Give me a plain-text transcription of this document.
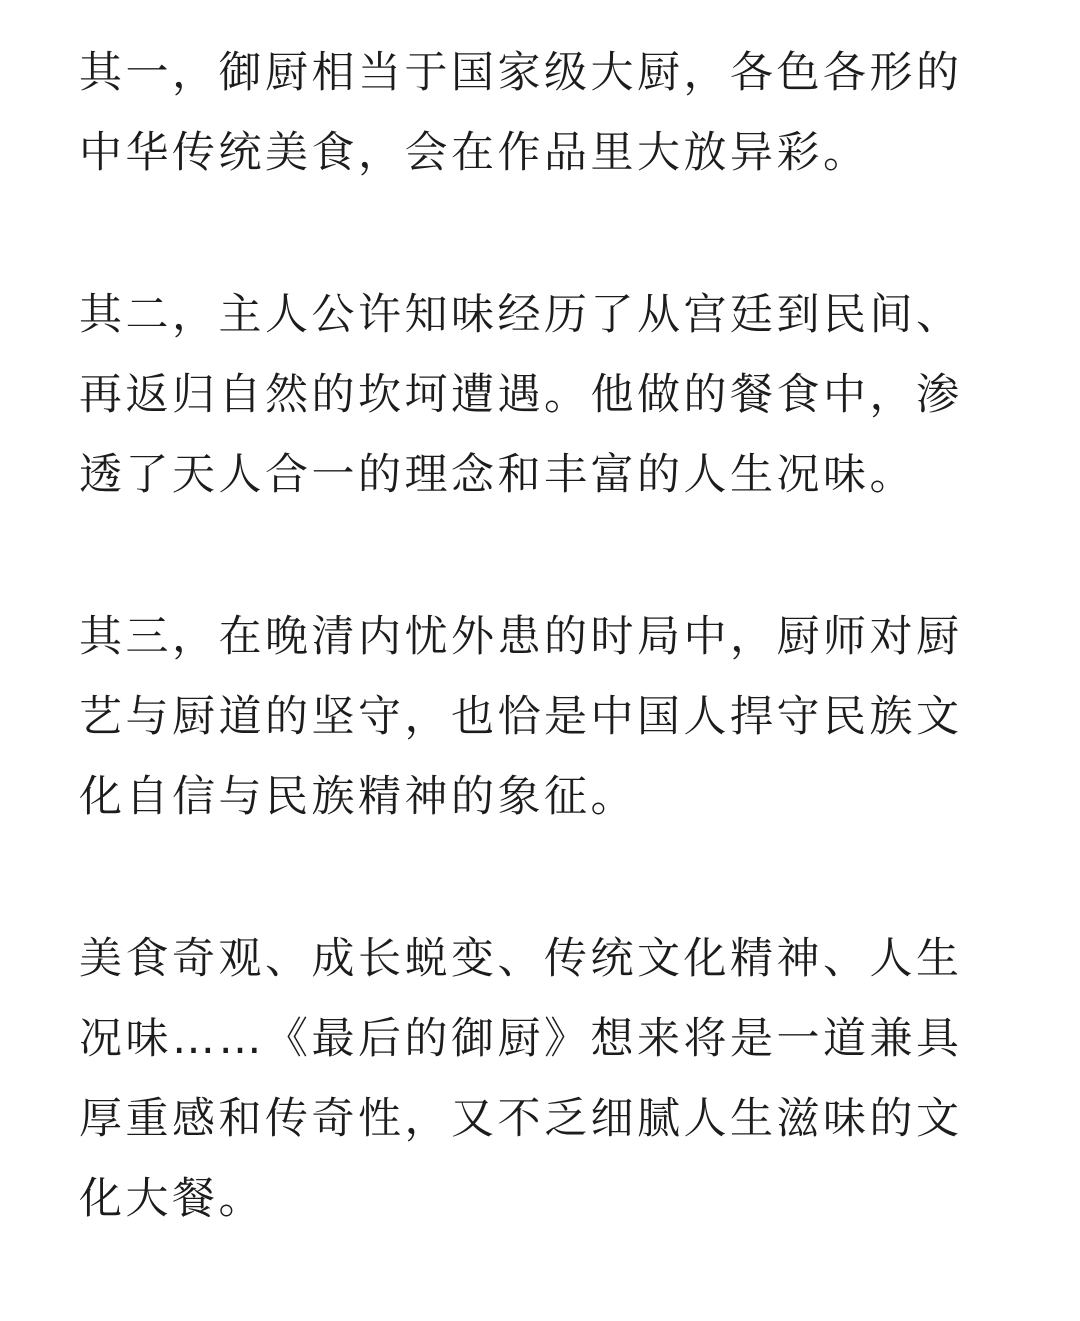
其一，御厨相当于国家级大厨，各色各形的
中华传统美食，会在作品里大放异彩。

其二，主人公许知味经历了从宫廷到民间、
再返归自然的坎坷遭遇。他做的餐食中，渗
透了天人合一的理念和丰富的人生况味。

其三，在晚清内忧外患的时局中，厨师对厨
艺与厨道的坚守，也恰是中国人捍守民族文
化自信与民族精神的象征。

美食奇观、成长蜕变、传统文化精神、人生
况味……《最后的御厨》想来将是一道兼具
厚重感和传奇性，又不乏细腻人生滋味的文
化大餐。
